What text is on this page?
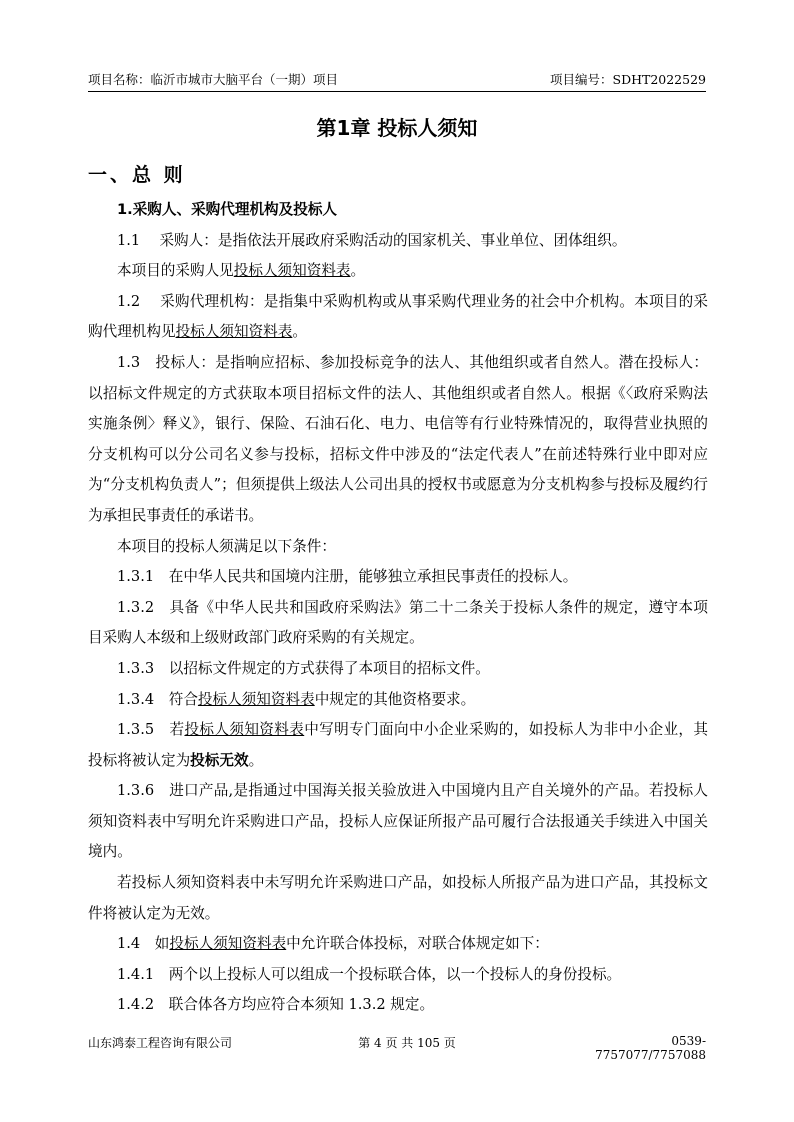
项目名称：临沂市城市大脑平台（一期）项目	项目编号：SDHT2022529
第1章 投标人须知
一、总 则

1.采购人、采购代理机构及投标人

1.1　 采购人：是指依法开展政府采购活动的国家机关、事业单位、团体组织。

本项目的采购人见投标人须知资料表。

1.2　 采购代理机构：是指集中采购机构或从事采购代理业务的社会中介机构。本项目的采购代理机构见投标人须知资料表。

1.3　投标人：是指响应招标、参加投标竞争的法人、其他组织或者自然人。潜在投标人：以招标文件规定的方式获取本项目招标文件的法人、其他组织或者自然人。根据《〈政府采购法实施条例〉释义》，银行、保险、石油石化、电力、电信等有行业特殊情况的，取得营业执照的分支机构可以分公司名义参与投标，招标文件中涉及的“法定代表人”在前述特殊行业中即对应为“分支机构负责人”；但须提供上级法人公司出具的授权书或愿意为分支机构参与投标及履约行为承担民事责任的承诺书。

本项目的投标人须满足以下条件：

1.3.1　在中华人民共和国境内注册，能够独立承担民事责任的投标人。

1.3.2　具备《中华人民共和国政府采购法》第二十二条关于投标人条件的规定，遵守本项目采购人本级和上级财政部门政府采购的有关规定。

1.3.3　以招标文件规定的方式获得了本项目的招标文件。

1.3.4　符合投标人须知资料表中规定的其他资格要求。

1.3.5　若投标人须知资料表中写明专门面向中小企业采购的，如投标人为非中小企业，其投标将被认定为投标无效。

1.3.6　进口产品,是指通过中国海关报关验放进入中国境内且产自关境外的产品。若投标人须知资料表中写明允许采购进口产品，投标人应保证所报产品可履行合法报通关手续进入中国关境内。

若投标人须知资料表中未写明允许采购进口产品，如投标人所报产品为进口产品，其投标文件将被认定为无效。

1.4　如投标人须知资料表中允许联合体投标，对联合体规定如下：

1.4.1　两个以上投标人可以组成一个投标联合体，以一个投标人的身份投标。

1.4.2　联合体各方均应符合本须知 1.3.2 规定。

山东鸿泰工程咨询有限公司	第 4 页 共 105 页	0539-7757077/7757088
